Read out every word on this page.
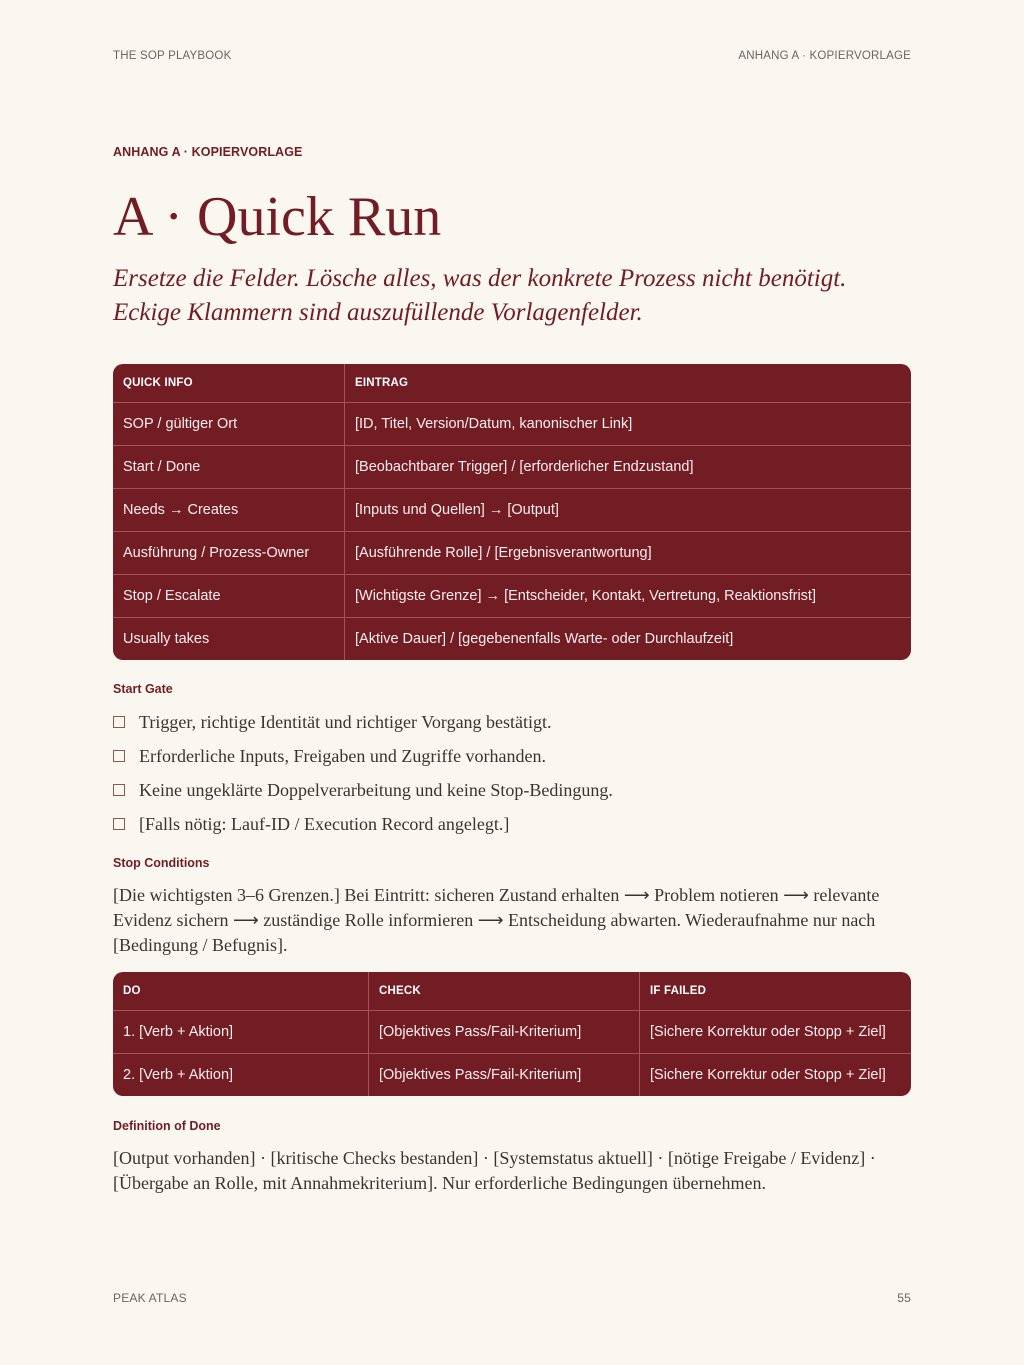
THE SOP PLAYBOOK	ANHANG A · KOPIERVORLAGE
ANHANG A · KOPIERVORLAGE
A · Quick Run

Ersetze die Felder. Lösche alles, was der konkrete Prozess nicht benötigt. Eckige Klammern sind auszufüllende Vorlagenfelder.

QUICK INFO	EINTRAG
SOP / gültiger Ort	[ID, Titel, Version/Datum, kanonischer Link]
Start / Done	[Beobachtbarer Trigger] / [erforderlicher Endzustand]
Needs → Creates	[Inputs und Quellen] → [Output]
Ausführung / Prozess-Owner	[Ausführende Rolle] / [Ergebnisverantwortung]
Stop / Escalate	[Wichtigste Grenze] → [Entscheider, Kontakt, Vertretung, Reaktionsfrist]
Usually takes	[Aktive Dauer] / [gegebenenfalls Warte- oder Durchlaufzeit]
Start Gate
Trigger, richtige Identität und richtiger Vorgang bestätigt.
Erforderliche Inputs, Freigaben und Zugriffe vorhanden.
Keine ungeklärte Doppelverarbeitung und keine Stop-Bedingung.
[Falls nötig: Lauf-ID / Execution Record angelegt.]
Stop Conditions

[Die wichtigsten 3–6 Grenzen.] Bei Eintritt: sicheren Zustand erhalten ⟶ Problem notieren ⟶ relevante Evidenz sichern ⟶ zuständige Rolle informieren ⟶ Entscheidung abwarten. Wiederaufnahme nur nach [Bedingung / Befugnis].

DO	CHECK	IF FAILED
1. [Verb + Aktion]	[Objektives Pass/Fail-Kriterium]	[Sichere Korrektur oder Stopp + Ziel]
2. [Verb + Aktion]	[Objektives Pass/Fail-Kriterium]	[Sichere Korrektur oder Stopp + Ziel]
Definition of Done

[Output vorhanden] · [kritische Checks bestanden] · [Systemstatus aktuell] · [nötige Freigabe / Evidenz] · [Übergabe an Rolle, mit Annahmekriterium]. Nur erforderliche Bedingungen übernehmen.

PEAK ATLAS	55
